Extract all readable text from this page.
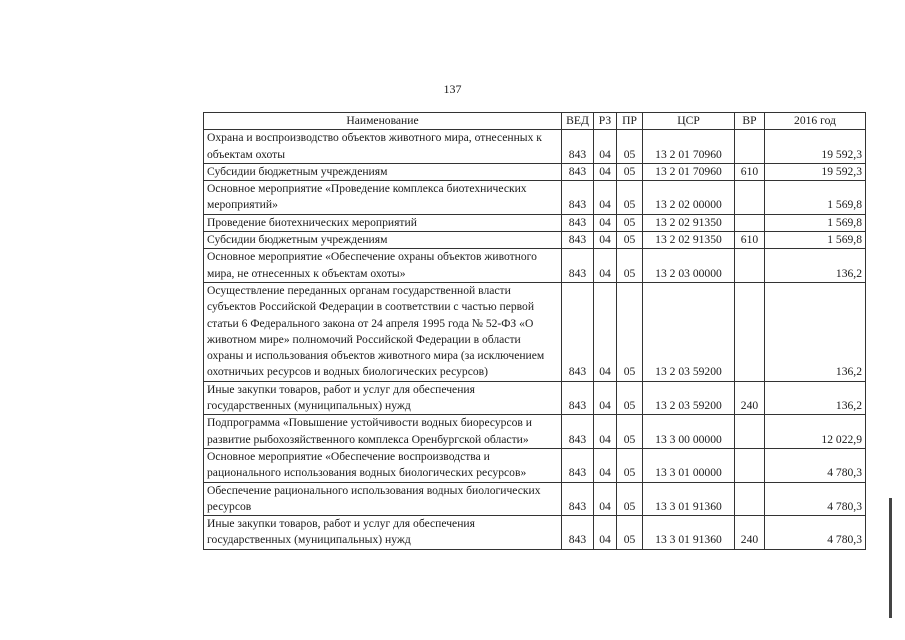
137
Наименование	ВЕД	РЗ	ПР	ЦСР	ВР	2016 год
Охрана и воспроизводство объектов животного мира, отнесенных к объектам охоты	843	04	05	13 2 01 70960		19 592,3
Субсидии бюджетным учреждениям	843	04	05	13 2 01 70960	610	19 592,3
Основное мероприятие «Проведение комплекса биотехнических мероприятий»	843	04	05	13 2 02 00000		1 569,8
Проведение биотехнических мероприятий	843	04	05	13 2 02 91350		1 569,8
Субсидии бюджетным учреждениям	843	04	05	13 2 02 91350	610	1 569,8
Основное мероприятие «Обеспечение охраны объектов животного мира, не отнесенных к объектам охоты»	843	04	05	13 2 03 00000		136,2
Осуществление переданных органам государственной власти субъектов Российской Федерации в соответствии с частью первой статьи 6 Федерального закона от 24 апреля 1995 года № 52-ФЗ «О животном мире» полномочий Российской Федерации в области охраны и использования объектов животного мира (за исключением охотничьих ресурсов и водных биологических ресурсов)	843	04	05	13 2 03 59200		136,2
Иные закупки товаров, работ и услуг для обеспечения государственных (муниципальных) нужд	843	04	05	13 2 03 59200	240	136,2
Подпрограмма «Повышение устойчивости водных биоресурсов и развитие рыбохозяйственного комплекса Оренбургской области»	843	04	05	13 3 00 00000		12 022,9
Основное мероприятие «Обеспечение воспроизводства и рационального использования водных биологических ресурсов»	843	04	05	13 3 01 00000		4 780,3
Обеспечение рационального использования водных биологических ресурсов	843	04	05	13 3 01 91360		4 780,3
Иные закупки товаров, работ и услуг для обеспечения государственных (муниципальных) нужд	843	04	05	13 3 01 91360	240	4 780,3
